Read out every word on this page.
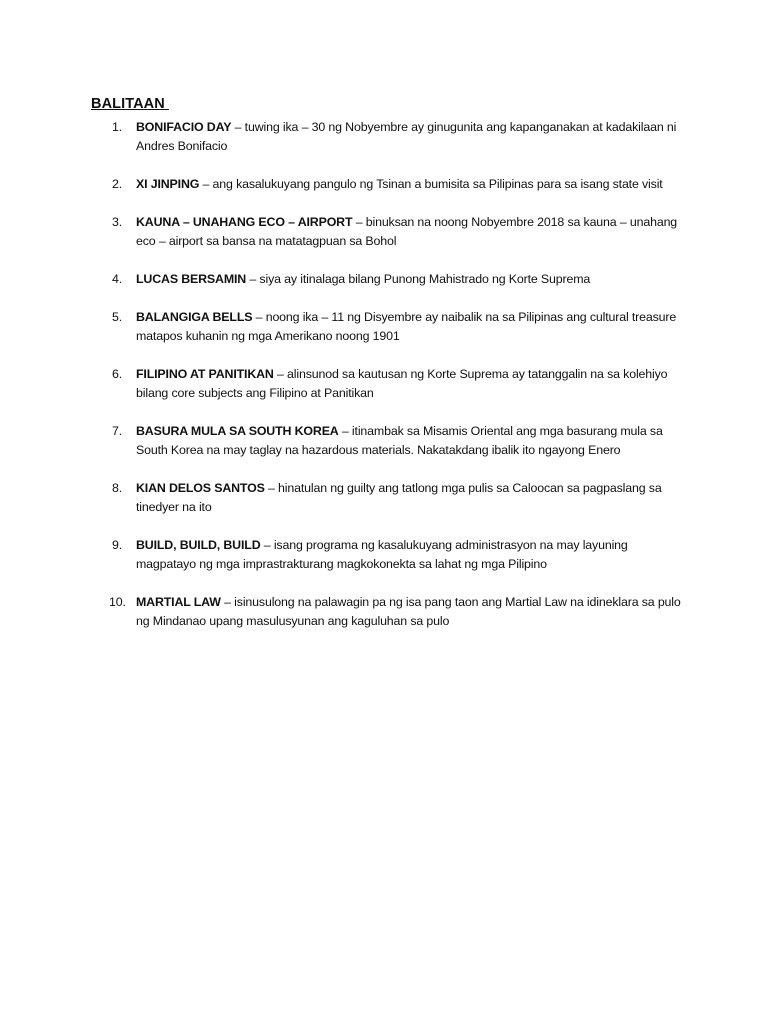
BALITAAN
1.	BONIFACIO DAY – tuwing ika – 30 ng Nobyembre ay ginugunita ang kapanganakan at kadakilaan ni Andres Bonifacio
2.	XI JINPING – ang kasalukuyang pangulo ng Tsinan a bumisita sa Pilipinas para sa isang state visit
3.	KAUNA – UNAHANG ECO – AIRPORT – binuksan na noong Nobyembre 2018 sa kauna – unahang eco – airport sa bansa na matatagpuan sa Bohol
4.	LUCAS BERSAMIN – siya ay itinalaga bilang Punong Mahistrado ng Korte Suprema
5.	BALANGIGA BELLS – noong ika – 11 ng Disyembre ay naibalik na sa Pilipinas ang cultural treasure matapos kuhanin ng mga Amerikano noong 1901
6.	FILIPINO AT PANITIKAN – alinsunod sa kautusan ng Korte Suprema ay tatanggalin na sa kolehiyo bilang core subjects ang Filipino at Panitikan
7.	BASURA MULA SA SOUTH KOREA – itinambak sa Misamis Oriental ang mga basurang mula sa South Korea na may taglay na hazardous materials. Nakatakdang ibalik ito ngayong Enero
8.	KIAN DELOS SANTOS – hinatulan ng guilty ang tatlong mga pulis sa Caloocan sa pagpaslang sa tinedyer na ito
9.	BUILD, BUILD, BUILD – isang programa ng kasalukuyang administrasyon na may layuning magpatayo ng mga imprastrakturang magkokonekta sa lahat ng mga Pilipino
10. MARTIAL LAW – isinusulong na palawagin pa ng isa pang taon ang Martial Law na idineklara sa pulo ng Mindanao upang masulusyunan ang kaguluhan sa pulo
